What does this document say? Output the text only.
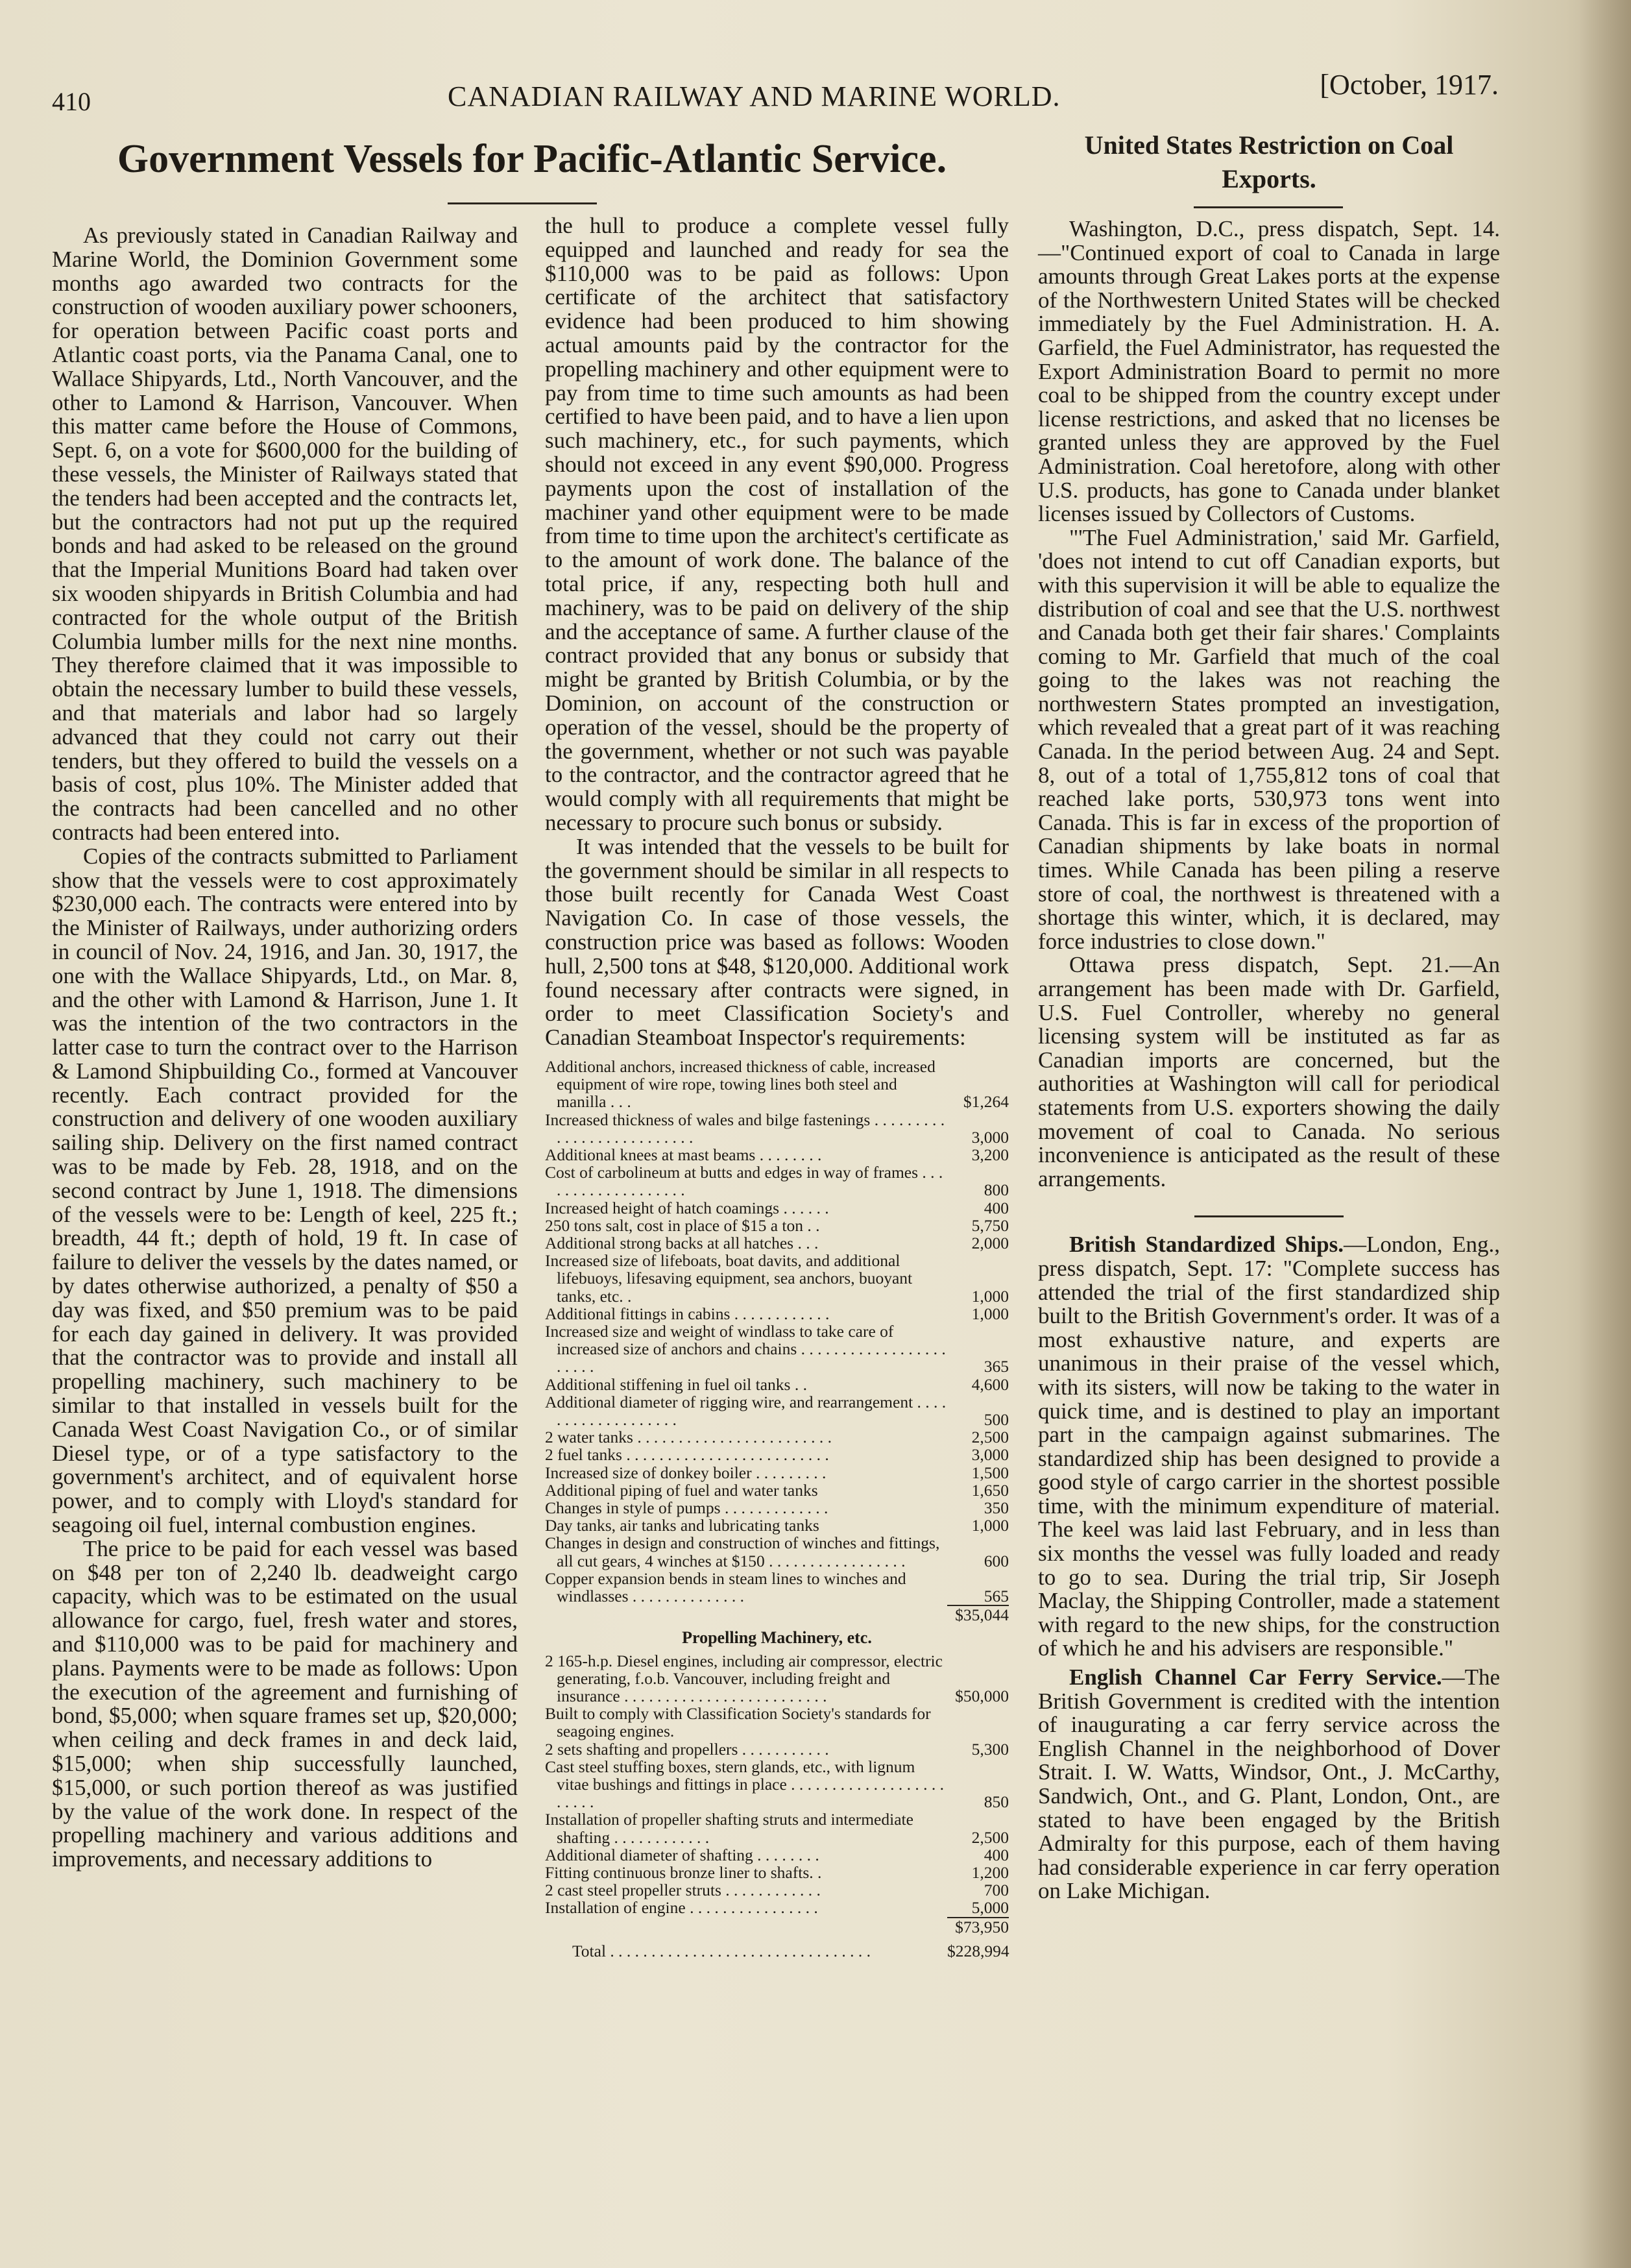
410	CANADIAN RAILWAY AND MARINE WORLD.	[October, 1917.
Government Vessels for Pacific-Atlantic Service.

As previously stated in Canadian Railway and Marine World, the Dominion Government some months ago awarded two contracts for the construction of wooden auxiliary power schooners, for operation between Pacific coast ports and Atlantic coast ports, via the Panama Canal, one to Wallace Shipyards, Ltd., North Vancouver, and the other to Lamond & Harrison, Vancouver. When this matter came before the House of Commons, Sept. 6, on a vote for $600,000 for the building of these vessels, the Minister of Railways stated that the tenders had been accepted and the contracts let, but the contractors had not put up the required bonds and had asked to be released on the ground that the Imperial Munitions Board had taken over six wooden shipyards in British Columbia and had contracted for the whole output of the British Columbia lumber mills for the next nine months. They therefore claimed that it was impossible to obtain the necessary lumber to build these vessels, and that materials and labor had so largely advanced that they could not carry out their tenders, but they offered to build the vessels on a basis of cost, plus 10%. The Minister added that the contracts had been cancelled and no other contracts had been entered into.

Copies of the contracts submitted to Parliament show that the vessels were to cost approximately $230,000 each. The contracts were entered into by the Minister of Railways, under authorizing orders in council of Nov. 24, 1916, and Jan. 30, 1917, the one with the Wallace Shipyards, Ltd., on Mar. 8, and the other with Lamond & Harrison, June 1. It was the intention of the two contractors in the latter case to turn the contract over to the Harrison & Lamond Shipbuilding Co., formed at Vancouver recently. Each contract provided for the construction and delivery of one wooden auxiliary sailing ship. Delivery on the first named contract was to be made by Feb. 28, 1918, and on the second contract by June 1, 1918. The dimensions of the vessels were to be: Length of keel, 225 ft.; breadth, 44 ft.; depth of hold, 19 ft. In case of failure to deliver the vessels by the dates named, or by dates otherwise authorized, a penalty of $50 a day was fixed, and $50 premium was to be paid for each day gained in delivery. It was provided that the contractor was to provide and install all propelling machinery, such machinery to be similar to that installed in vessels built for the Canada West Coast Navigation Co., or of similar Diesel type, or of a type satisfactory to the government's architect, and of equivalent horse power, and to comply with Lloyd's standard for seagoing oil fuel, internal combustion engines.

The price to be paid for each vessel was based on $48 per ton of 2,240 lb. deadweight cargo capacity, which was to be estimated on the usual allowance for cargo, fuel, fresh water and stores, and $110,000 was to be paid for machinery and plans. Payments were to be made as follows: Upon the execution of the agreement and furnishing of bond, $5,000; when square frames set up, $20,000; when ceiling and deck frames in and deck laid, $15,000; when ship successfully launched, $15,000, or such portion thereof as was justified by the value of the work done. In respect of the propelling machinery and various additions and improvements, and necessary additions to

the hull to produce a complete vessel fully equipped and launched and ready for sea the $110,000 was to be paid as follows: Upon certificate of the architect that satisfactory evidence had been produced to him showing actual amounts paid by the contractor for the propelling machinery and other equipment were to pay from time to time such amounts as had been certified to have been paid, and to have a lien upon such machinery, etc., for such payments, which should not exceed in any event $90,000. Progress payments upon the cost of installation of the machiner yand other equipment were to be made from time to time upon the architect's certificate as to the amount of work done. The balance of the total price, if any, respecting both hull and machinery, was to be paid on delivery of the ship and the acceptance of same. A further clause of the contract provided that any bonus or subsidy that might be granted by British Columbia, or by the Dominion, on account of the construction or operation of the vessel, should be the property of the government, whether or not such was payable to the contractor, and the contractor agreed that he would comply with all requirements that might be necessary to procure such bonus or subsidy.

It was intended that the vessels to be built for the government should be similar in all respects to those built recently for Canada West Coast Navigation Co. In case of those vessels, the construction price was based as follows: Wooden hull, 2,500 tons at $48, $120,000. Additional work found necessary after contracts were signed, in order to meet Classification Society's and Canadian Steamboat Inspector's requirements:

Additional anchors, increased thickness of cable, increased equipment of wire rope, towing lines both steel and manilla . . .	$1,264
Increased thickness of wales and bilge fastenings . . . . . . . . . . . . . . . . . . . . . . . . . .	3,000
Additional knees at mast beams . . . . . . . .	3,200
Cost of carbolineum at butts and edges in way of frames . . . . . . . . . . . . . . . . . . .	800
Increased height of hatch coamings . . . . . .	400
250 tons salt, cost in place of $15 a ton . .	5,750
Additional strong backs at all hatches . . .	2,000
Increased size of lifeboats, boat davits, and additional lifebuoys, lifesaving equipment, sea anchors, buoyant tanks, etc. .	1,000
Additional fittings in cabins . . . . . . . . . . . .	1,000
Increased size and weight of windlass to take care of increased size of anchors and chains . . . . . . . . . . . . . . . . . . . . . . .	365
Additional stiffening in fuel oil tanks . .	4,600
Additional diameter of rigging wire, and rearrangement . . . . . . . . . . . . . . . . . . .	500
2 water tanks . . . . . . . . . . . . . . . . . . . . . . . .	2,500
2 fuel tanks . . . . . . . . . . . . . . . . . . . . . . . . .	3,000
Increased size of donkey boiler . . . . . . . . .	1,500
Additional piping of fuel and water tanks	1,650
Changes in style of pumps . . . . . . . . . . . . .	350
Day tanks, air tanks and lubricating tanks	1,000
Changes in design and construction of winches and fittings, all cut gears, 4 winches at $150 . . . . . . . . . . . . . . . . .	600
Copper expansion bends in steam lines to winches and windlasses . . . . . . . . . . . . . .	565
$35,044
Propelling Machinery, etc.
2 165-h.p. Diesel engines, including air compressor, electric generating, f.o.b. Vancouver, including freight and insurance . . . . . . . . . . . . . . . . . . . . . . . . .	$50,000
Built to comply with Classification Society's standards for seagoing engines.
2 sets shafting and propellers . . . . . . . . . . .	5,300
Cast steel stuffing boxes, stern glands, etc., with lignum vitae bushings and fittings in place . . . . . . . . . . . . . . . . . . . . . . . .	850
Installation of propeller shafting struts and intermediate shafting . . . . . . . . . . . .	2,500
Additional diameter of shafting . . . . . . . .	400
Fitting continuous bronze liner to shafts. .	1,200
2 cast steel propeller struts . . . . . . . . . . . .	700
Installation of engine . . . . . . . . . . . . . . . .	5,000
$73,950
Total . . . . . . . . . . . . . . . . . . . . . . . . . . . . . . . .	$228,994
United States Restriction on Coal Exports.

Washington, D.C., press dispatch, Sept. 14.—"Continued export of coal to Canada in large amounts through Great Lakes ports at the expense of the Northwestern United States will be checked immediately by the Fuel Administration. H. A. Garfield, the Fuel Administrator, has requested the Export Administration Board to permit no more coal to be shipped from the country except under license restrictions, and asked that no licenses be granted unless they are approved by the Fuel Administration. Coal heretofore, along with other U.S. products, has gone to Canada under blanket licenses issued by Collectors of Customs.

"'The Fuel Administration,' said Mr. Garfield, 'does not intend to cut off Canadian exports, but with this supervision it will be able to equalize the distribution of coal and see that the U.S. northwest and Canada both get their fair shares.' Complaints coming to Mr. Garfield that much of the coal going to the lakes was not reaching the northwestern States prompted an investigation, which revealed that a great part of it was reaching Canada. In the period between Aug. 24 and Sept. 8, out of a total of 1,755,812 tons of coal that reached lake ports, 530,973 tons went into Canada. This is far in excess of the proportion of Canadian shipments by lake boats in normal times. While Canada has been piling a reserve store of coal, the northwest is threatened with a shortage this winter, which, it is declared, may force industries to close down."

Ottawa press dispatch, Sept. 21.—An arrangement has been made with Dr. Garfield, U.S. Fuel Controller, whereby no general licensing system will be instituted as far as Canadian imports are concerned, but the authorities at Washington will call for periodical statements from U.S. exporters showing the daily movement of coal to Canada. No serious inconvenience is anticipated as the result of these arrangements.

British Standardized Ships.—London, Eng., press dispatch, Sept. 17: "Complete success has attended the trial of the first standardized ship built to the British Government's order. It was of a most exhaustive nature, and experts are unanimous in their praise of the vessel which, with its sisters, will now be taking to the water in quick time, and is destined to play an important part in the campaign against submarines. The standardized ship has been designed to provide a good style of cargo carrier in the shortest possible time, with the minimum expenditure of material. The keel was laid last February, and in less than six months the vessel was fully loaded and ready to go to sea. During the trial trip, Sir Joseph Maclay, the Shipping Controller, made a statement with regard to the new ships, for the construction of which he and his advisers are responsible."

English Channel Car Ferry Service.—The British Government is credited with the intention of inaugurating a car ferry service across the English Channel in the neighborhood of Dover Strait. I. W. Watts, Windsor, Ont., J. McCarthy, Sandwich, Ont., and G. Plant, London, Ont., are stated to have been engaged by the British Admiralty for this purpose, each of them having had considerable experience in car ferry operation on Lake Michigan.
